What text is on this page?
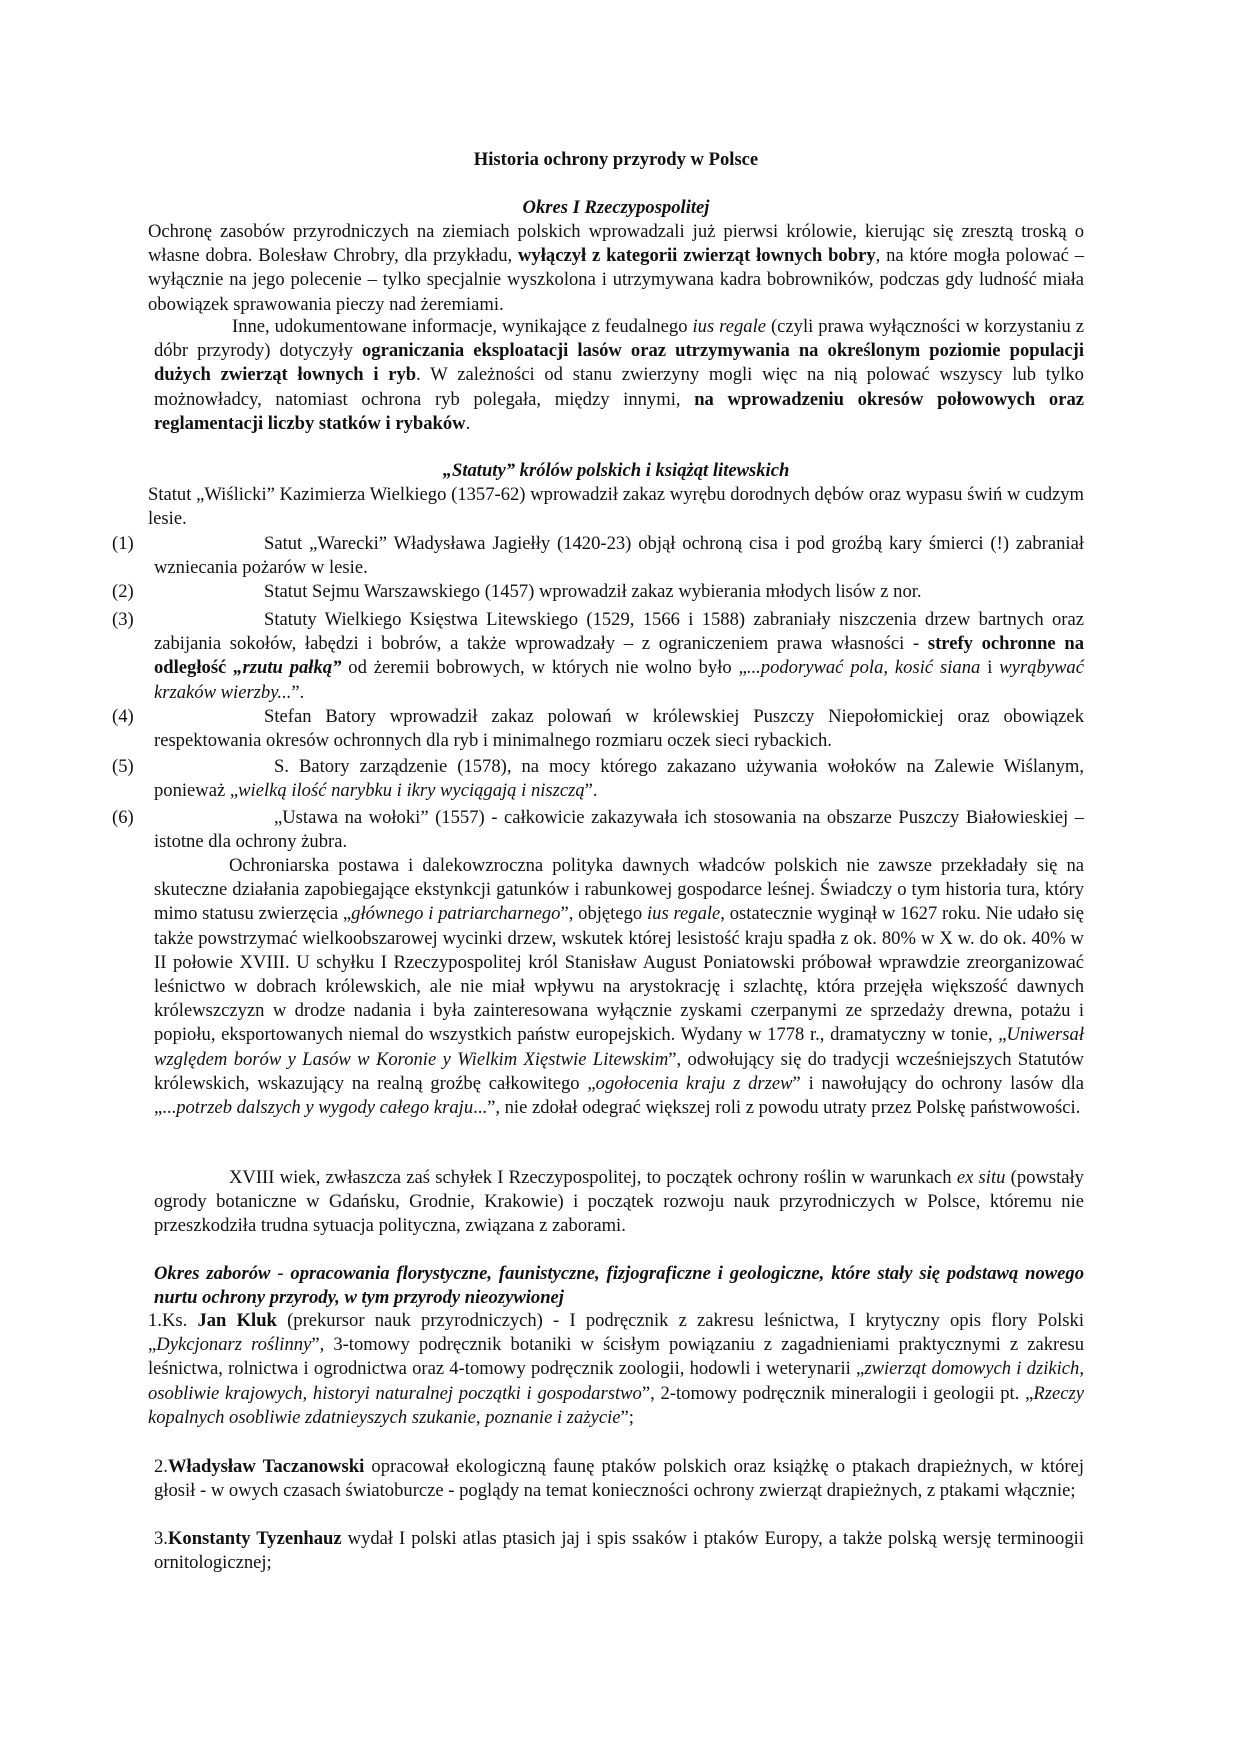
Historia ochrony przyrody w Polsce
Okres I Rzeczypospolitej
Ochronę zasobów przyrodniczych na ziemiach polskich wprowadzali już pierwsi królowie, kierując się zresztą troską o własne dobra. Bolesław Chrobry, dla przykładu, wyłączył z kategorii zwierząt łownych bobry, na które mogła polować – wyłącznie na jego polecenie – tylko specjalnie wyszkolona i utrzymywana kadra bobrowników, podczas gdy ludność miała obowiązek sprawowania pieczy nad żeremiami.
Inne, udokumentowane informacje, wynikające z feudalnego ius regale (czyli prawa wyłączności w korzystaniu z dóbr przyrody) dotyczyły ograniczania eksploatacji lasów oraz utrzymywania na określonym poziomie populacji dużych zwierząt łownych i ryb. W zależności od stanu zwierzyny mogli więc na nią polować wszyscy lub tylko możnowładcy, natomiast ochrona ryb polegała, między innymi, na wprowadzeniu okresów połowowych oraz reglamentacji liczby statków i rybaków.
„Statuty” królów polskich i książąt litewskich
Statut „Wiślicki” Kazimierza Wielkiego (1357-62) wprowadził zakaz wyrębu dorodnych dębów oraz wypasu świń w cudzym lesie.
Satut „Warecki” Władysława Jagiełły (1420-23) objął ochroną cisa i pod groźbą kary śmierci (!) zabraniał wzniecania pożarów w lesie.
(1)
Statut Sejmu Warszawskiego (1457) wprowadził zakaz wybierania młodych lisów z nor.
(2)
Statuty Wielkiego Księstwa Litewskiego (1529, 1566 i 1588) zabraniały niszczenia drzew bartnych oraz zabijania sokołów, łabędzi i bobrów, a także wprowadzały – z ograniczeniem prawa własności - strefy ochronne na odległość „rzutu pałką” od żeremii bobrowych, w których nie wolno było „...podorywać pola, kosić siana i wyrąbywać krzaków wierzby...”.
(3)
Stefan Batory wprowadził zakaz polowań w królewskiej Puszczy Niepołomickiej oraz obowiązek respektowania okresów ochronnych dla ryb i minimalnego rozmiaru oczek sieci rybackich.
(4)
S. Batory zarządzenie (1578), na mocy którego zakazano używania wołoków na Zalewie Wiślanym, ponieważ „wielką ilość narybku i ikry wyciągają i niszczą”.
(5)
„Ustawa na wołoki” (1557) - całkowicie zakazywała ich stosowania na obszarze Puszczy Białowieskiej – istotne dla ochrony żubra.
(6)
Ochroniarska postawa i dalekowzroczna polityka dawnych władców polskich nie zawsze przekładały się na skuteczne działania zapobiegające ekstynkcji gatunków i rabunkowej gospodarce leśnej. Świadczy o tym historia tura, który mimo statusu zwierzęcia „głównego i patriarcharnego”, objętego ius regale, ostatecznie wyginął w 1627 roku. Nie udało się także powstrzymać wielkoobszarowej wycinki drzew, wskutek której lesistość kraju spadła z ok. 80% w X w. do ok. 40% w II połowie XVIII. U schyłku I Rzeczypospolitej król Stanisław August Poniatowski próbował wprawdzie zreorganizować leśnictwo w dobrach królewskich, ale nie miał wpływu na arystokrację i szlachtę, która przejęła większość dawnych królewszczyzn w drodze nadania i była zainteresowana wyłącznie zyskami czerpanymi ze sprzedaży drewna, potażu i popiołu, eksportowanych niemal do wszystkich państw europejskich. Wydany w 1778 r., dramatyczny w tonie, „Uniwersał względem borów y Lasów w Koronie y Wielkim Xięstwie Litewskim”, odwołujący się do tradycji wcześniejszych Statutów królewskich, wskazujący na realną groźbę całkowitego „ogołocenia kraju z drzew” i nawołujący do ochrony lasów dla „...potrzeb dalszych y wygody całego kraju...”, nie zdołał odegrać większej roli z powodu utraty przez Polskę państwowości.
XVIII wiek, zwłaszcza zaś schyłek I Rzeczypospolitej, to początek ochrony roślin w warunkach ex situ (powstały ogrody botaniczne w Gdańsku, Grodnie, Krakowie) i początek rozwoju nauk przyrodniczych w Polsce, któremu nie przeszkodziła trudna sytuacja polityczna, związana z zaborami.
Okres zaborów - opracowania florystyczne, faunistyczne, fizjograficzne i geologiczne, które stały się podstawą nowego nurtu ochrony przyrody, w tym przyrody nieozywionej
1.Ks. Jan Kluk (prekursor nauk przyrodniczych) - I podręcznik z zakresu leśnictwa, I krytyczny opis flory Polski „Dykcjonarz roślinny”, 3-tomowy podręcznik botaniki w ścisłym powiązaniu z zagadnieniami praktycznymi z zakresu leśnictwa, rolnictwa i ogrodnictwa oraz 4-tomowy podręcznik zoologii, hodowli i weterynarii „zwierząt domowych i dzikich, osobliwie krajowych, historyi naturalnej początki i gospodarstwo”, 2-tomowy podręcznik mineralogii i geologii pt. „Rzeczy kopalnych osobliwie zdatnieyszych szukanie, poznanie i zażycie”;
2.Władysław Taczanowski opracował ekologiczną faunę ptaków polskich oraz książkę o ptakach drapieżnych, w której głosił - w owych czasach światoburcze - poglądy na temat konieczności ochrony zwierząt drapieżnych, z ptakami włącznie;
3.Konstanty Tyzenhauz wydał I polski atlas ptasich jaj i spis ssaków i ptaków Europy, a także polską wersję terminoogii ornitologicznej;
